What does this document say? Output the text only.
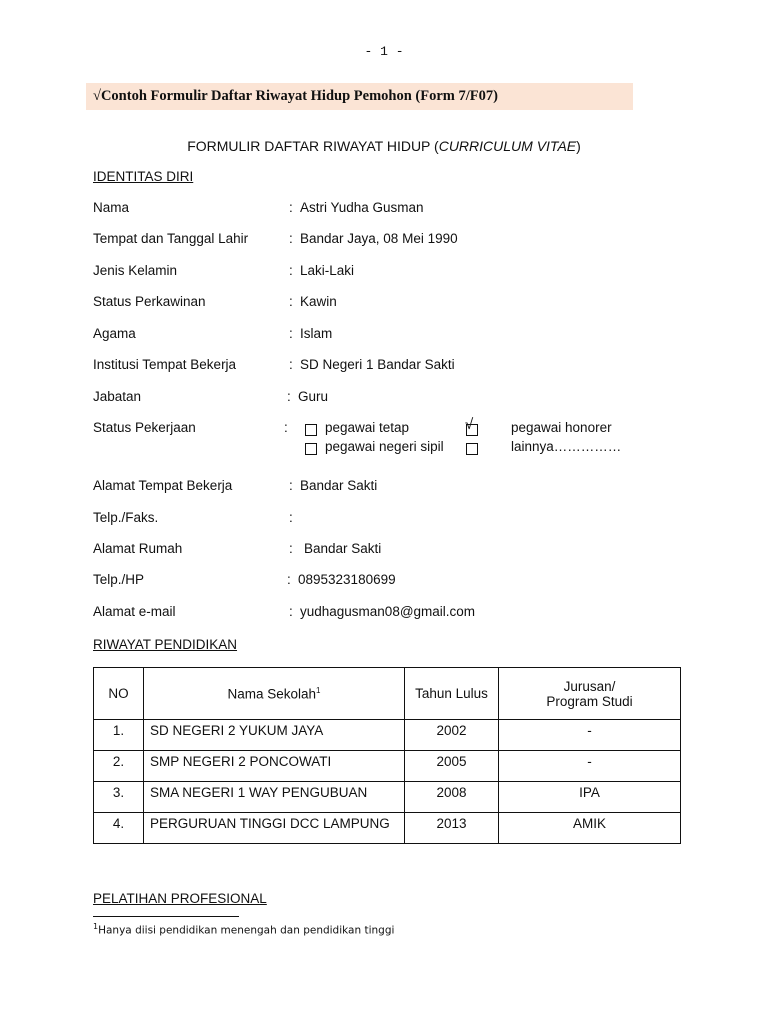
- 1 -
√Contoh Formulir Daftar Riwayat Hidup Pemohon (Form 7/F07)
FORMULIR DAFTAR RIWAYAT HIDUP (CURRICULUM VITAE)
IDENTITAS DIRI
Nama	: Astri Yudha Gusman
Tempat dan Tanggal Lahir	: Bandar Jaya, 08 Mei 1990
Jenis Kelamin	: Laki-Laki
Status Perkawinan	: Kawin
Agama	: Islam
Institusi Tempat Bekerja	: SD Negeri 1 Bandar Sakti
Jabatan	: Guru
Status Pekerjaan	:	pegawai tetap	√	pegawai honorer
pegawai negeri sipil	lainnya……………
Alamat Tempat Bekerja	: Bandar Sakti
Telp./Faks.	:
Alamat Rumah	: Bandar Sakti
Telp./HP	: 0895323180699
Alamat e-mail	: yudhagusman08@gmail.com
RIWAYAT PENDIDIKAN
NO	Nama Sekolah$^1$	Tahun Lulus	Jurusan/
Program Studi
1.	SD NEGERI 2 YUKUM JAYA	2002	-
2.	SMP NEGERI 2 PONCOWATI	2005	-
3.	SMA NEGERI 1 WAY PENGUBUAN	2008	IPA
4.	PERGURUAN TINGGI DCC LAMPUNG	2013	AMIK
PELATIHAN PROFESIONAL
$^1$Hanya diisi pendidikan menengah dan pendidikan tinggi
